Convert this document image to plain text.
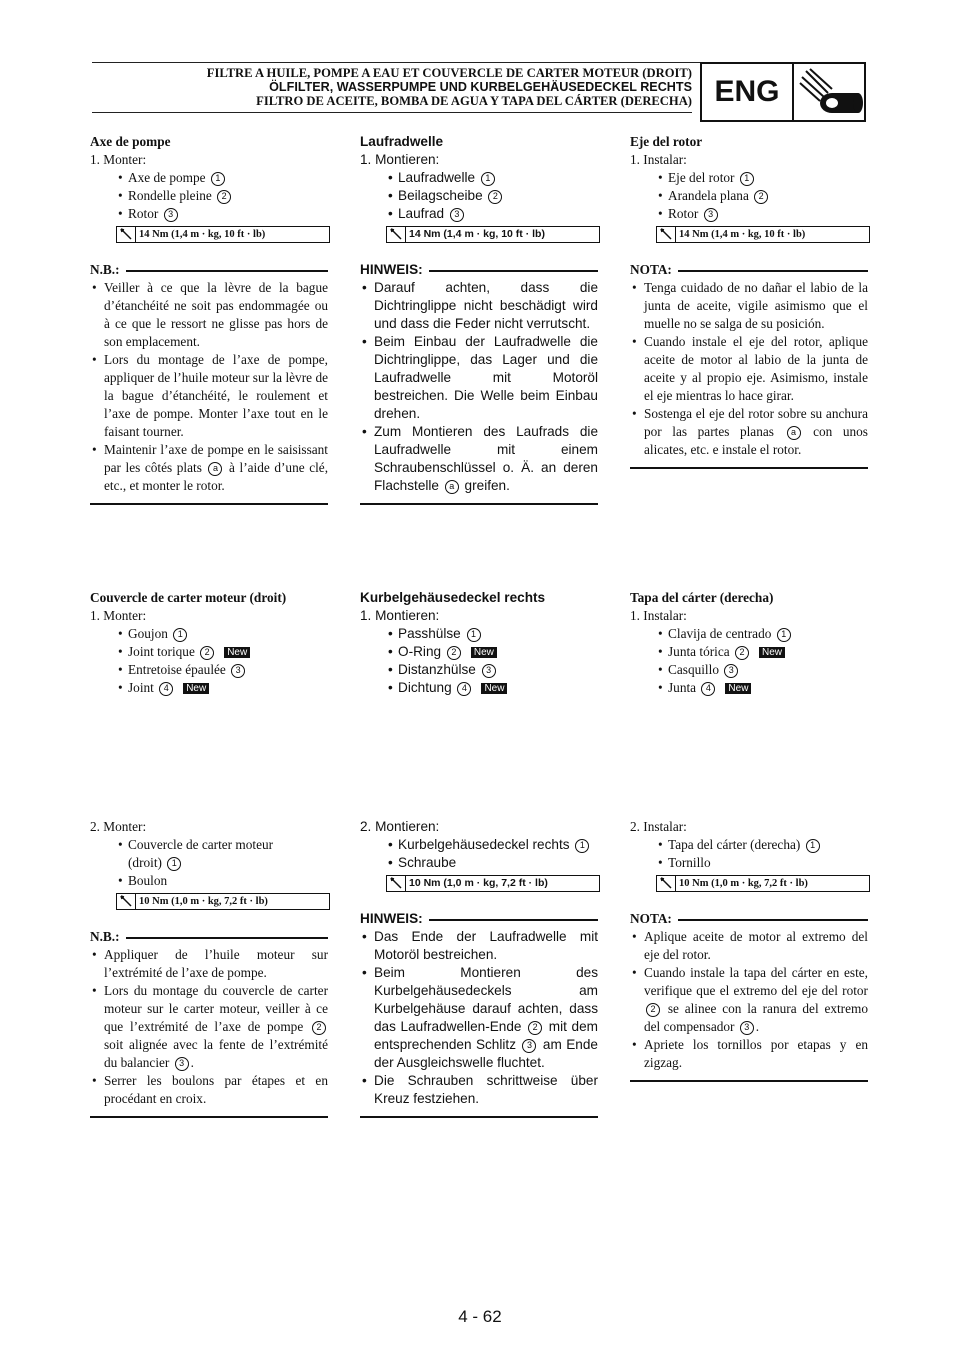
FILTRE A HUILE, POMPE A EAU ET COUVERCLE DE CARTER MOTEUR (DROIT)
ÖLFILTER, WASSERPUMPE UND KURBELGEHÄUSEDECKEL RECHTS
FILTRO DE ACEITE, BOMBA DE AGUA Y TAPA DEL CÁRTER (DERECHA) ENG

Axe de pompe

1. Monter:

• Axe de pompe 1

• Rondelle pleine 2

• Rotor 3

14 Nm (1,4 m · kg, 10 ft · lb)
N.B.:

• Veiller à ce que la lèvre de la bague d’étanchéité ne soit pas endommagée ou à ce que le ressort ne glisse pas hors de son emplacement.

• Lors du montage de l’axe de pompe, appliquer de l’huile moteur sur la lèvre de la bague d’étanchéité, le roulement et l’axe de pompe. Monter l’axe tout en le faisant tourner.

• Maintenir l’axe de pompe en le saisissant par les côtés plats a à l’aide d’une clé, etc., et monter le rotor.

Laufradwelle

1. Montieren:

• Laufradwelle 1

• Beilagscheibe 2

• Laufrad 3

14 Nm (1,4 m · kg, 10 ft · lb)
HINWEIS:

• Darauf achten, dass die Dichtringlippe nicht beschädigt wird und dass die Feder nicht verrutscht.

• Beim Einbau der Laufradwelle die Dichtringlippe, das Lager und die Laufradwelle mit Motoröl bestreichen. Die Welle beim Einbau drehen.

• Zum Montieren des Laufrads die Laufradwelle mit einem Schraubenschlüssel o. Ä. an deren Flachstelle a greifen.

Eje del rotor

1. Instalar:

• Eje del rotor 1

• Arandela plana 2

• Rotor 3

14 Nm (1,4 m · kg, 10 ft · lb)
NOTA:

• Tenga cuidado de no dañar el labio de la junta de aceite, vigile asimismo que el muelle no se salga de su posición.

• Cuando instale el eje del rotor, aplique aceite de motor al labio de la junta de aceite y al propio eje. Asimismo, instale el eje mientras lo hace girar.

• Sostenga el eje del rotor sobre su anchura por las partes planas a con unos alicates, etc. e instale el rotor.

Couvercle de carter moteur (droit)

1. Monter:

• Goujon 1

• Joint torique 2 New

• Entretoise épaulée 3

• Joint 4 New

Kurbelgehäusedeckel rechts

1. Montieren:

• Passhülse 1

• O-Ring 2 New

• Distanzhülse 3

• Dichtung 4 New

Tapa del cárter (derecha)

1. Instalar:

• Clavija de centrado 1

• Junta tórica 2 New

• Casquillo 3

• Junta 4 New

2. Monter:

• Couvercle de carter moteur

(droit) 1

• Boulon

10 Nm (1,0 m · kg, 7,2 ft · lb)
N.B.:

• Appliquer de l’huile moteur sur l’extrémité de l’axe de pompe.

• Lors du montage du couvercle de carter moteur sur le carter moteur, veiller à ce que l’extrémité de l’axe de pompe 2 soit alignée avec la fente de l’extrémité du balancier 3 .

• Serrer les boulons par étapes et en procédant en croix.

2. Montieren:

• Kurbelgehäusedeckel rechts 1

• Schraube

10 Nm (1,0 m · kg, 7,2 ft · lb)
HINWEIS:

• Das Ende der Laufradwelle mit Motoröl bestreichen.

• Beim Montieren des Kurbelgehäusedeckels am Kurbelgehäuse darauf achten, dass das Laufradwellen-Ende 2 mit dem entsprechenden Schlitz 3 am Ende der Ausgleichswelle fluchtet.

• Die Schrauben schrittweise über Kreuz festziehen.

2. Instalar:

• Tapa del cárter (derecha) 1

• Tornillo

10 Nm (1,0 m · kg, 7,2 ft · lb)
NOTA:

• Aplique aceite de motor al extremo del eje del rotor.

• Cuando instale la tapa del cárter en este, verifique que el extremo del eje del rotor 2 se alinee con la ranura del extremo del compensador 3 .

• Apriete los tornillos por etapas y en zigzag.

4 - 62
